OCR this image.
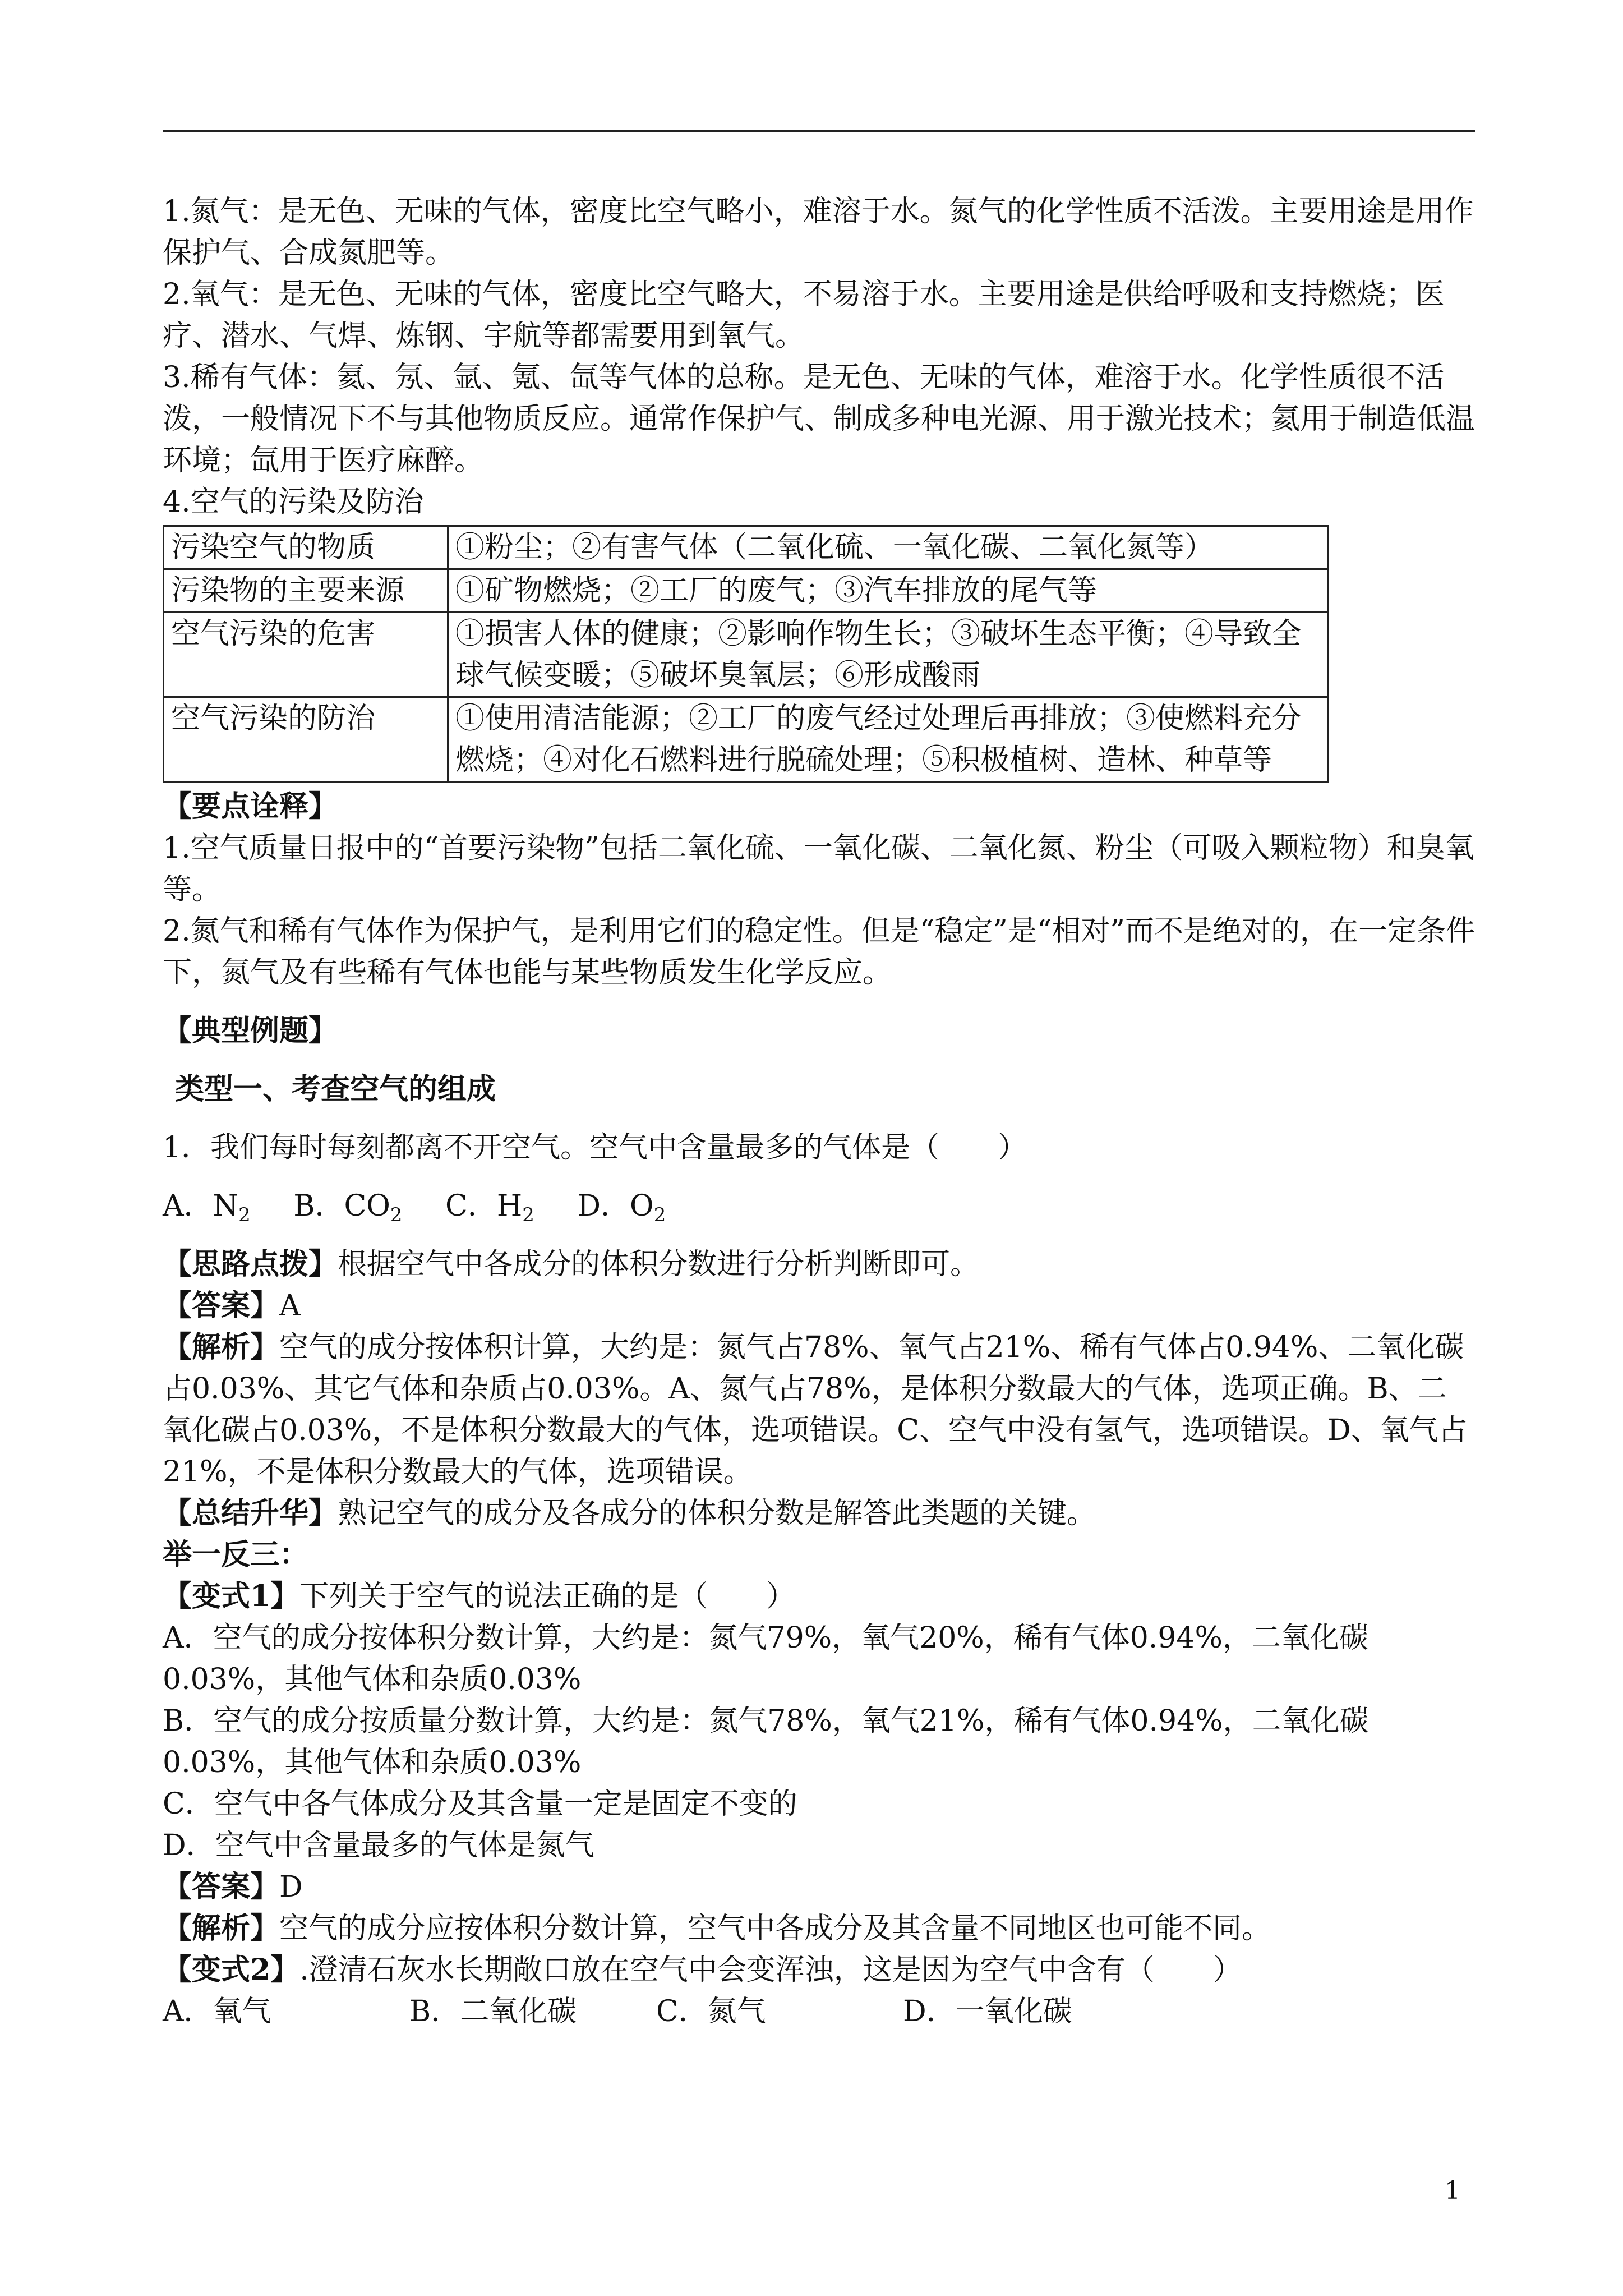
1.氮气：是无色、无味的气体，密度比空气略小，难溶于水。氮气的化学性质不活泼。主要用途是用作保护气、合成氮肥等。

2.氧气：是无色、无味的气体，密度比空气略大，不易溶于水。主要用途是供给呼吸和支持燃烧；医疗、潜水、气焊、炼钢、宇航等都需要用到氧气。

3.稀有气体：氦、氖、氩、氪、氙等气体的总称。是无色、无味的气体，难溶于水。化学性质很不活泼，一般情况下不与其他物质反应。通常作保护气、制成多种电光源、用于激光技术；氦用于制造低温环境；氙用于医疗麻醉。

4.空气的污染及防治

污染空气的物质	①粉尘；②有害气体（二氧化硫、一氧化碳、二氧化氮等）
污染物的主要来源	①矿物燃烧；②工厂的废气；③汽车排放的尾气等
空气污染的危害	①损害人体的健康；②影响作物生长；③破坏生态平衡；④导致全球气候变暖；⑤破坏臭氧层；⑥形成酸雨
空气污染的防治	①使用清洁能源；②工厂的废气经过处理后再排放；③使燃料充分燃烧；④对化石燃料进行脱硫处理；⑤积极植树、造林、种草等

【要点诠释】

1.空气质量日报中的“首要污染物”包括二氧化硫、一氧化碳、二氧化氮、粉尘（可吸入颗粒物）和臭氧等。

2.氮气和稀有气体作为保护气，是利用它们的稳定性。但是“稳定”是“相对”而不是绝对的，在一定条件下，氮气及有些稀有气体也能与某些物质发生化学反应。

【典型例题】

类型一、考查空气的组成

1．我们每时每刻都离不开空气。空气中含量最多的气体是（　　）

A．$N_2$ B．$CO_2$ C．$H_2$ D．$O_2$

【思路点拨】根据空气中各成分的体积分数进行分析判断即可。

【答案】A

【解析】空气的成分按体积计算，大约是：氮气占78%、氧气占21%、稀有气体占0.94%、二氧化碳占0.03%、其它气体和杂质占0.03%。A、氮气占78%，是体积分数最大的气体，选项正确。B、二氧化碳占0.03%，不是体积分数最大的气体，选项错误。C、空气中没有氢气，选项错误。D、氧气占21%，不是体积分数最大的气体，选项错误。

【总结升华】熟记空气的成分及各成分的体积分数是解答此类题的关键。

举一反三：

【变式1】下列关于空气的说法正确的是（　　）

A．空气的成分按体积分数计算，大约是：氮气79%，氧气20%，稀有气体0.94%，二氧化碳0.03%，其他气体和杂质0.03%

B．空气的成分按质量分数计算，大约是：氮气78%，氧气21%，稀有气体0.94%，二氧化碳0.03%，其他气体和杂质0.03%

C．空气中各气体成分及其含量一定是固定不变的

D．空气中含量最多的气体是氮气

【答案】D

【解析】空气的成分应按体积分数计算，空气中各成分及其含量不同地区也可能不同。

【变式2】.澄清石灰水长期敞口放在空气中会变浑浊，这是因为空气中含有（　　）

A．氧气	B．二氧化碳	C．氮气	D．一氧化碳

1
